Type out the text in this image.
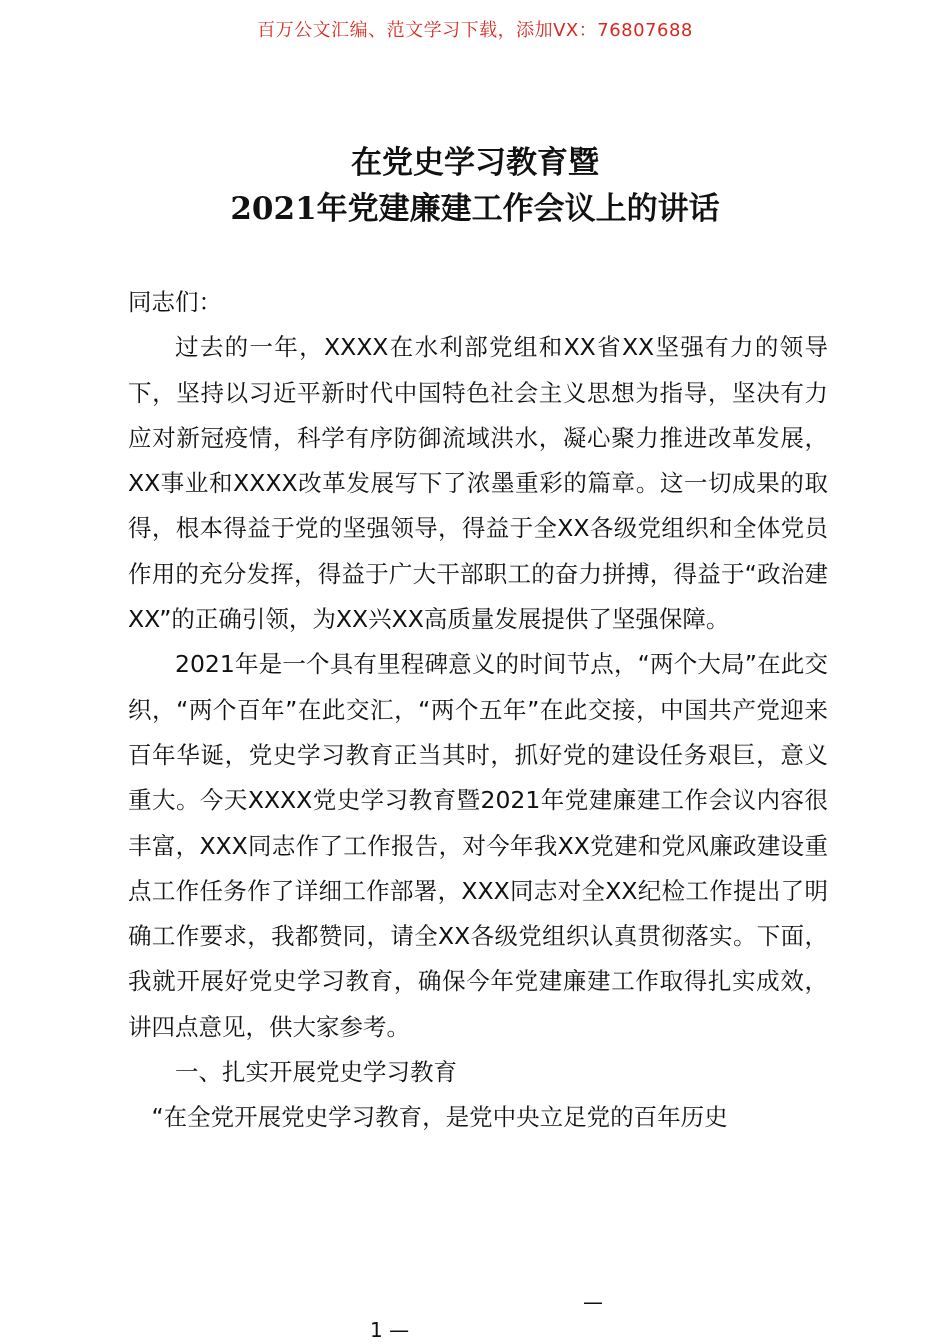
百万公文汇编、范文学习下载，添加VX：76807688
在党史学习教育暨
2021年党建廉建工作会议上的讲话

同志们：

过去的一年，XXXX在水利部党组和XX省XX坚强有力的领导下，坚持以习近平新时代中国特色社会主义思想为指导，坚决有力应对新冠疫情，科学有序防御流域洪水，凝心聚力推进改革发展，XX事业和XXXX改革发展写下了浓墨重彩的篇章。这一切成果的取得，根本得益于党的坚强领导，得益于全XX各级党组织和全体党员作用的充分发挥，得益于广大干部职工的奋力拼搏，得益于“政治建XX”的正确引领，为XX兴XX高质量发展提供了坚强保障。

2021年是一个具有里程碑意义的时间节点，“两个大局”在此交织，“两个百年”在此交汇，“两个五年”在此交接，中国共产党迎来百年华诞，党史学习教育正当其时，抓好党的建设任务艰巨，意义重大。今天XXXX党史学习教育暨2021年党建廉建工作会议内容很丰富，XXX同志作了工作报告，对今年我XX党建和党风廉政建设重点工作任务作了详细工作部署，XXX同志对全XX纪检工作提出了明确工作要求，我都赞同，请全XX各级党组织认真贯彻落实。下面，我就开展好党史学习教育，确保今年党建廉建工作取得扎实成效，讲四点意见，供大家参考。

一、扎实开展党史学习教育

“在全党开展党史学习教育，是党中央立足党的百年历史

—
1 —
